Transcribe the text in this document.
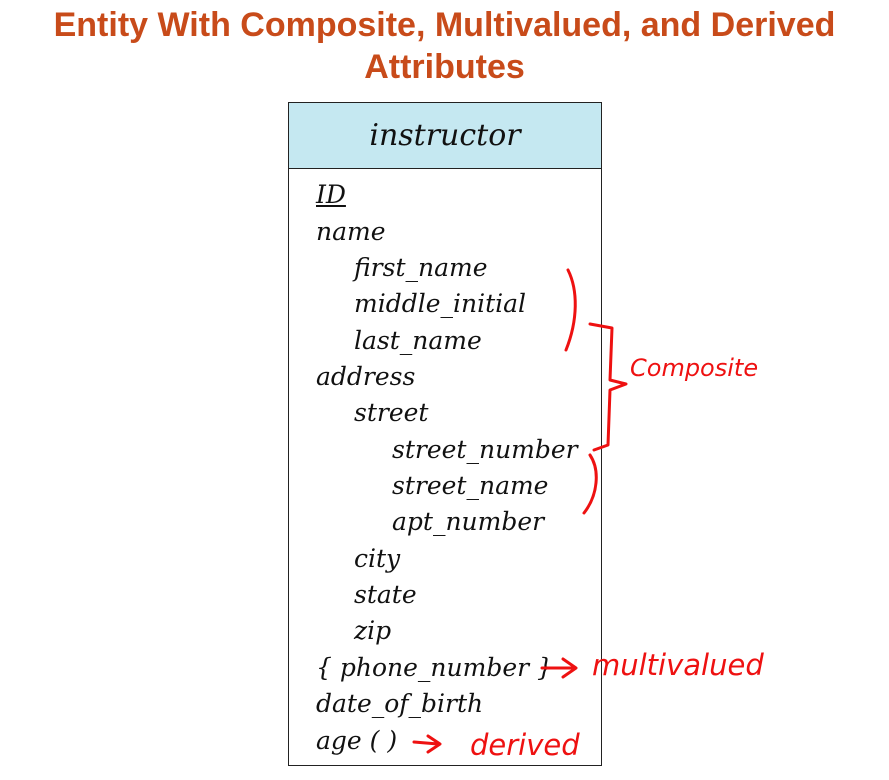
Entity With Composite, Multivalued, and Derived
Attributes
instructor
ID
name
first_name
middle_initial
last_name
address
street
street_number
street_name
apt_number
city
state
zip
{ phone_number }
date_of_birth
age ( )
Composite
multivalued
derived
